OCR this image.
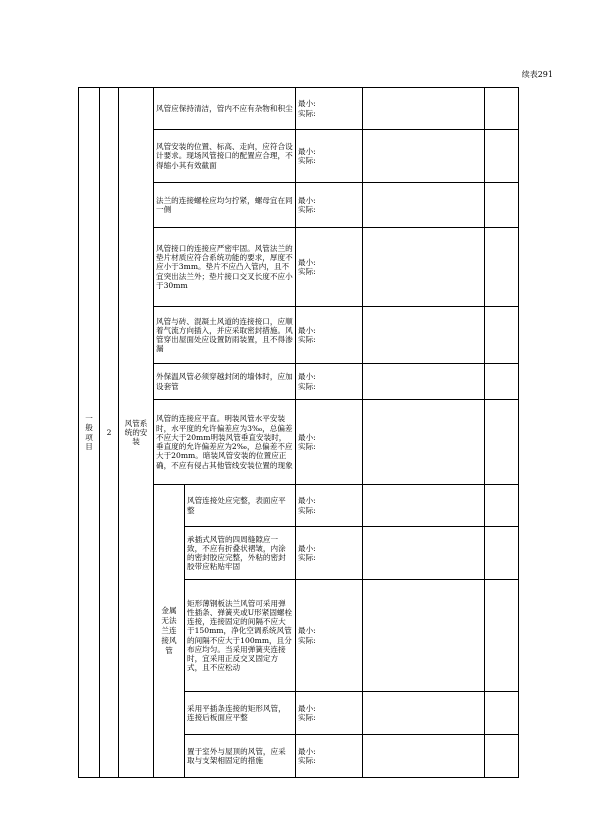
续表291
一般项目	2	风管系统的安装	风管应保持清洁，管内不应有杂物和积尘		最小:
实际:		

			风管安装的位置、标高、走向，应符合设计要求。现场风管接口的配置应合理，不得缩小其有效截面		最小:
实际:		

			法兰的连接螺栓应均匀拧紧，螺母宜在同一侧		最小:
实际:		

			风管接口的连接应严密牢固。风管法兰的垫片材质应符合系统功能的要求，厚度不应小于3mm。垫片不应凸入管内，且不宜突出法兰外；垫片接口交叉长度不应小于30mm		最小:
实际:		

			风管与砖、混凝土风道的连接接口，应顺着气流方向插入，并应采取密封措施。风管穿出屋面处应设置防雨装置，且不得渗漏		最小:
实际:		

			外保温风管必须穿越封闭的墙体时，应加设套管		最小:
实际:		

			风管的连接应平直。明装风管水平安装时，水平度的允许偏差应为3‰，总偏差不应大于20mm明装风管垂直安装时，垂直度的允许偏差应为2‰，总偏差不应大于20mm。暗装风管安装的位置应正确，不应有侵占其他管线安装位置的现象		最小:
实际:		

			金属无法兰连接风管	风管连接处应完整，表面应平整	最小:
实际:		

				承插式风管的四周缝隙应一致，不应有折叠状褶皱，内涂的密封胶应完整，外粘的密封胶带应粘贴牢固	最小:
实际:		

				矩形薄钢板法兰风管可采用弹性插条、弹簧夹或U形紧固螺栓连接，连接固定的间隔不应大于150mm，净化空调系统风管的间隔不应大于100mm，且分布应均匀。当采用弹簧夹连接时，宜采用正反交叉固定方式，且不应松动	最小:
实际:		

				采用平插条连接的矩形风管，连接后板面应平整	最小:
实际:		

				置于室外与屋顶的风管，应采取与支架相固定的措施	最小:
实际:		
